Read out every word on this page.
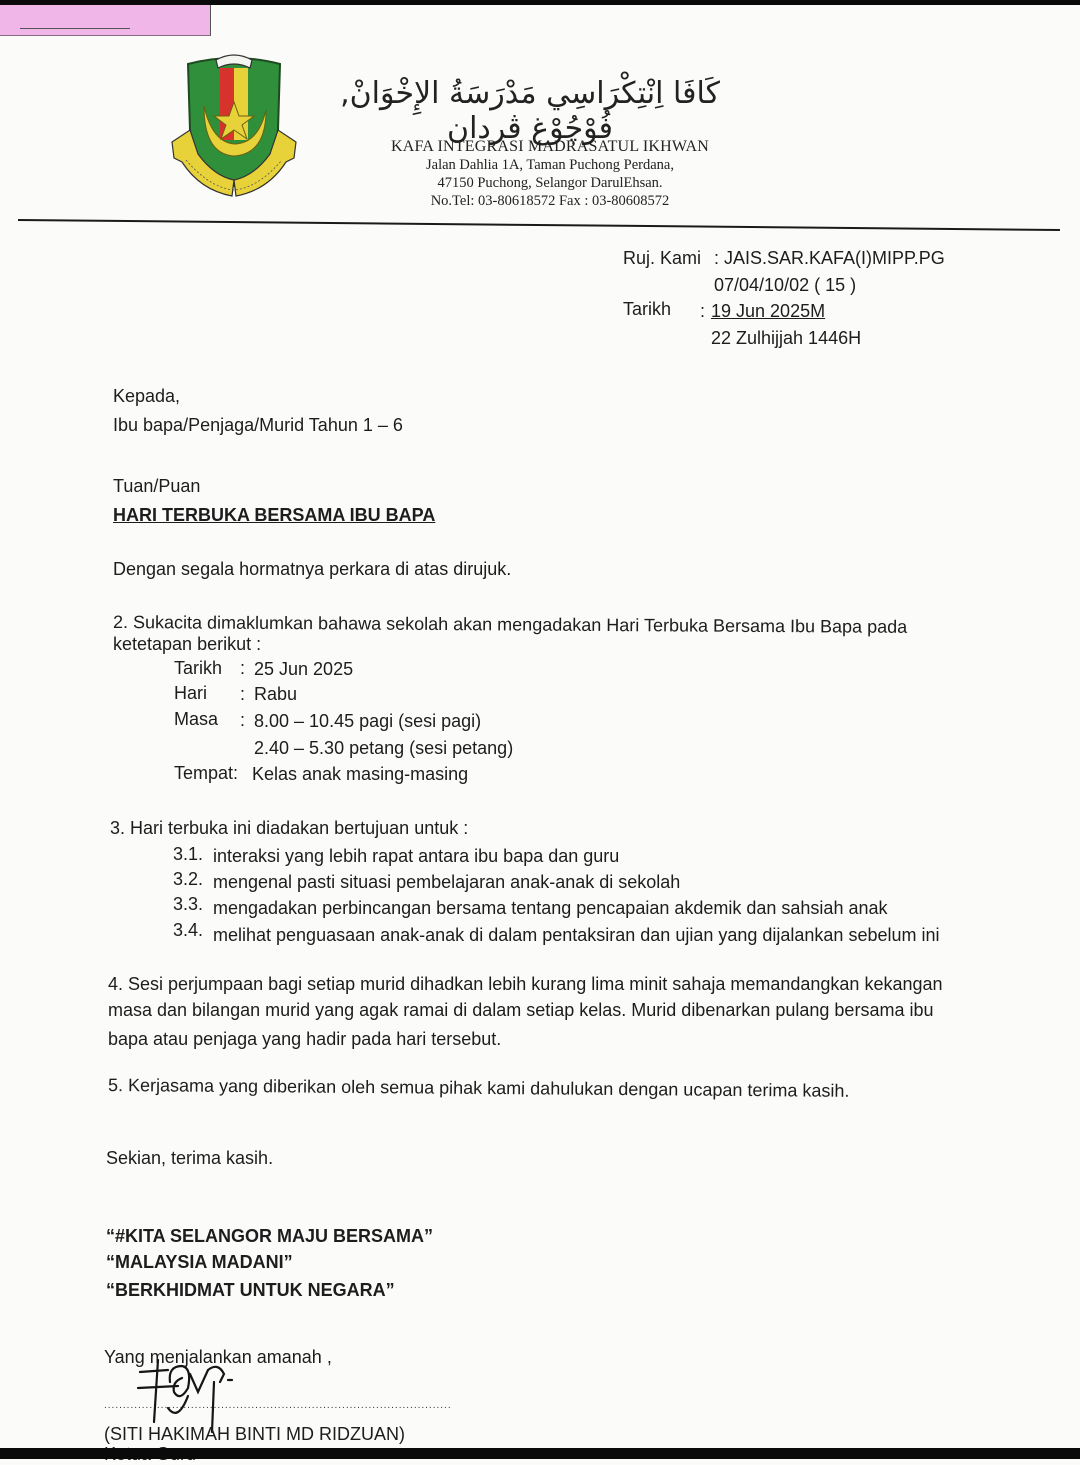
كَافَا اِنْتِكْرَاسِي مَدْرَسَةُ الإِخْوَانْ, فُوْچُوْغ ڤردان
KAFA INTEGRASI MADRASATUL IKHWAN
Jalan Dahlia 1A, Taman Puchong Perdana,
47150 Puchong, Selangor DarulEhsan.
No.Tel: 03-80618572 Fax : 03-80608572
Ruj. Kami : JAIS.SAR.KAFA(I)MIPP.PG
07/04/10/02 ( 15 )
Tarikh : 19 Jun 2025M
22 Zulhijjah 1446H
Kepada,
Ibu bapa/Penjaga/Murid Tahun 1 – 6
Tuan/Puan
HARI TERBUKA BERSAMA IBU BAPA
Dengan segala hormatnya perkara di atas dirujuk.
2. Sukacita dimaklumkan bahawa sekolah akan mengadakan Hari Terbuka Bersama Ibu Bapa pada
ketetapan berikut :
Tarikh : 25 Jun 2025
Hari : Rabu
Masa : 8.00 – 10.45 pagi (sesi pagi)
2.40 – 5.30 petang (sesi petang)
Tempat: Kelas anak masing-masing
3. Hari terbuka ini diadakan bertujuan untuk :
3.1. interaksi yang lebih rapat antara ibu bapa dan guru
3.2. mengenal pasti situasi pembelajaran anak-anak di sekolah
3.3. mengadakan perbincangan bersama tentang pencapaian akdemik dan sahsiah anak
3.4. melihat penguasaan anak-anak di dalam pentaksiran dan ujian yang dijalankan sebelum ini
4. Sesi perjumpaan bagi setiap murid dihadkan lebih kurang lima minit sahaja memandangkan kekangan
masa dan bilangan murid yang agak ramai di dalam setiap kelas. Murid dibenarkan pulang bersama ibu
bapa atau penjaga yang hadir pada hari tersebut.
5. Kerjasama yang diberikan oleh semua pihak kami dahulukan dengan ucapan terima kasih.
Sekian, terima kasih.
“#KITA SELANGOR MAJU BERSAMA”
“MALAYSIA MADANI”
“BERKHIDMAT UNTUK NEGARA”
Yang menjalankan amanah ,
............................................................................................
(SITI HAKIMAH BINTI MD RIDZUAN)
